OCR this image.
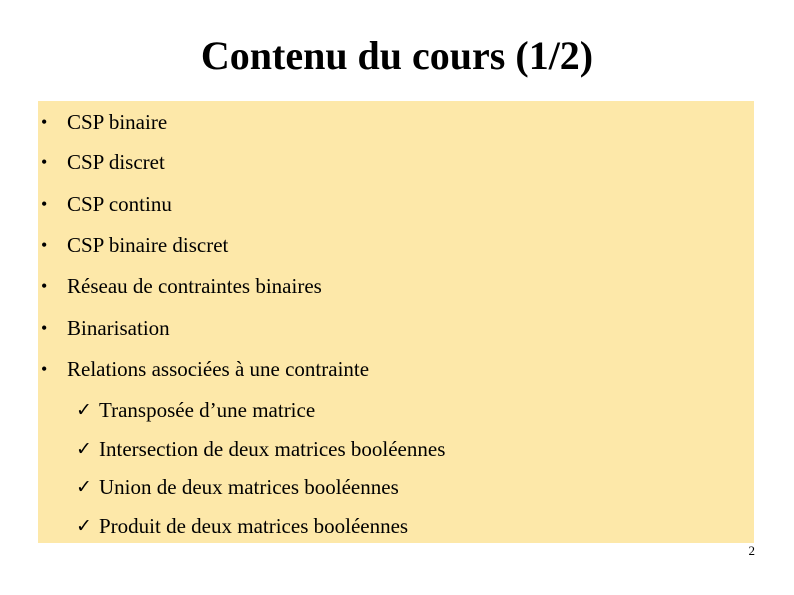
Contenu du cours (1/2)
• CSP binaire
• CSP discret
• CSP continu
• CSP binaire discret
• Réseau de contraintes binaires
• Binarisation
• Relations associées à une contrainte
✓ Transposée d’une matrice
✓ Intersection de deux matrices booléennes
✓ Union de deux matrices booléennes
✓ Produit de deux matrices booléennes
2
